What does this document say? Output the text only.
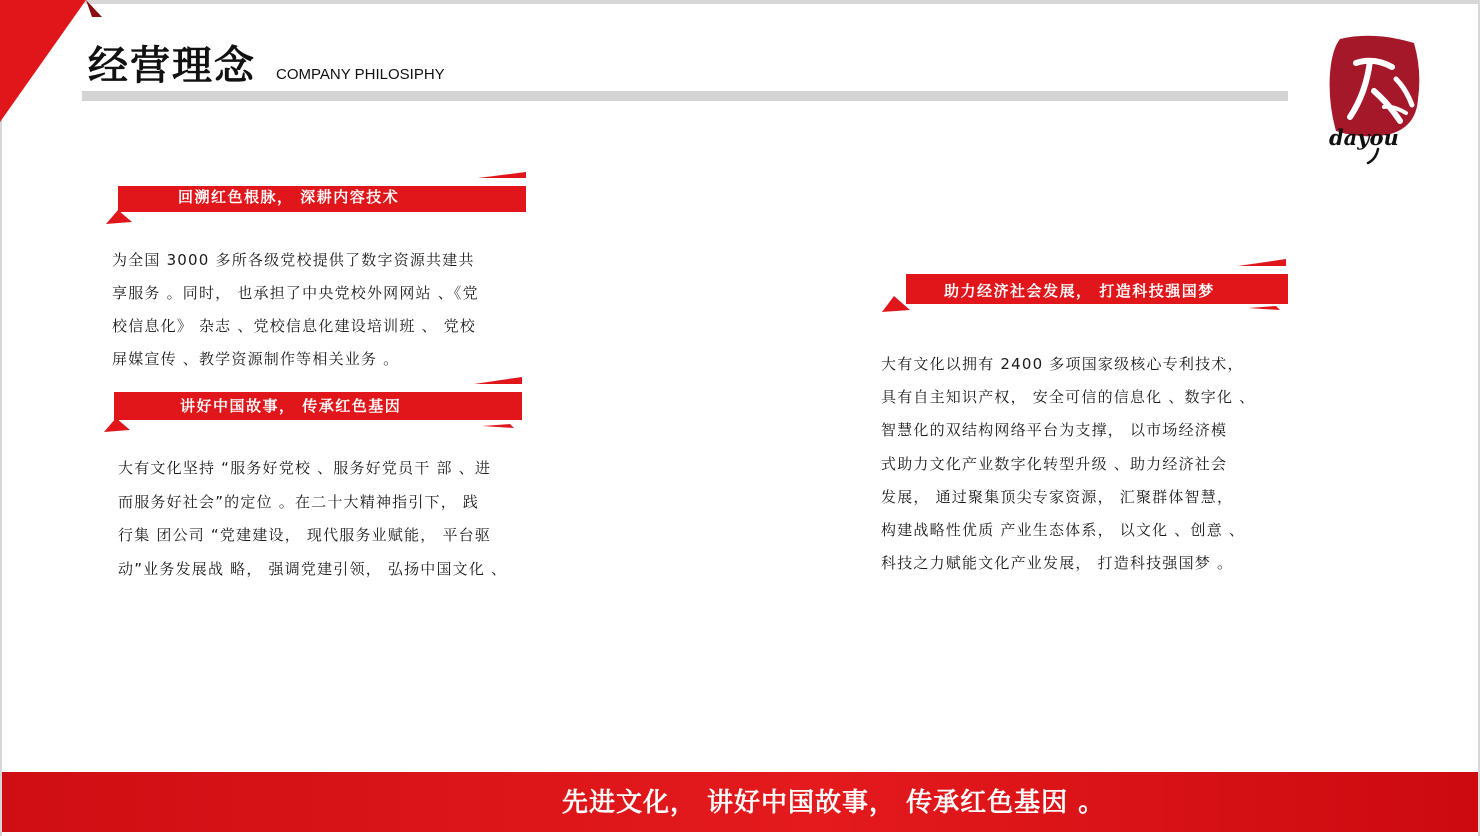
经营理念 COMPANY PHILOSIPHY
dayou
回溯红色根脉， 深耕内容技术
为全国 3000 多所各级党校提供了数字资源共建共
享服务 。同时， 也承担了中央党校外网网站 、《党
校信息化》 杂志 、党校信息化建设培训班 、 党校
屏媒宣传 、教学资源制作等相关业务 。
讲好中国故事， 传承红色基因
大有文化坚持 “服务好党校 、服务好党员干 部 、进
而服务好社会”的定位 。在二十大精神指引下， 践
行集 团公司 “党建建设， 现代服务业赋能， 平台驱
动”业务发展战 略， 强调党建引领， 弘扬中国文化 、
助力经济社会发展， 打造科技强国梦
大有文化以拥有 2400 多项国家级核心专利技术，
具有自主知识产权， 安全可信的信息化 、数字化 、
智慧化的双结构网络平台为支撑， 以市场经济模
式助力文化产业数字化转型升级 、助力经济社会
发展， 通过聚集顶尖专家资源， 汇聚群体智慧，
构建战略性优质 产业生态体系， 以文化 、创意 、
科技之力赋能文化产业发展， 打造科技强国梦 。
先进文化， 讲好中国故事， 传承红色基因 。
